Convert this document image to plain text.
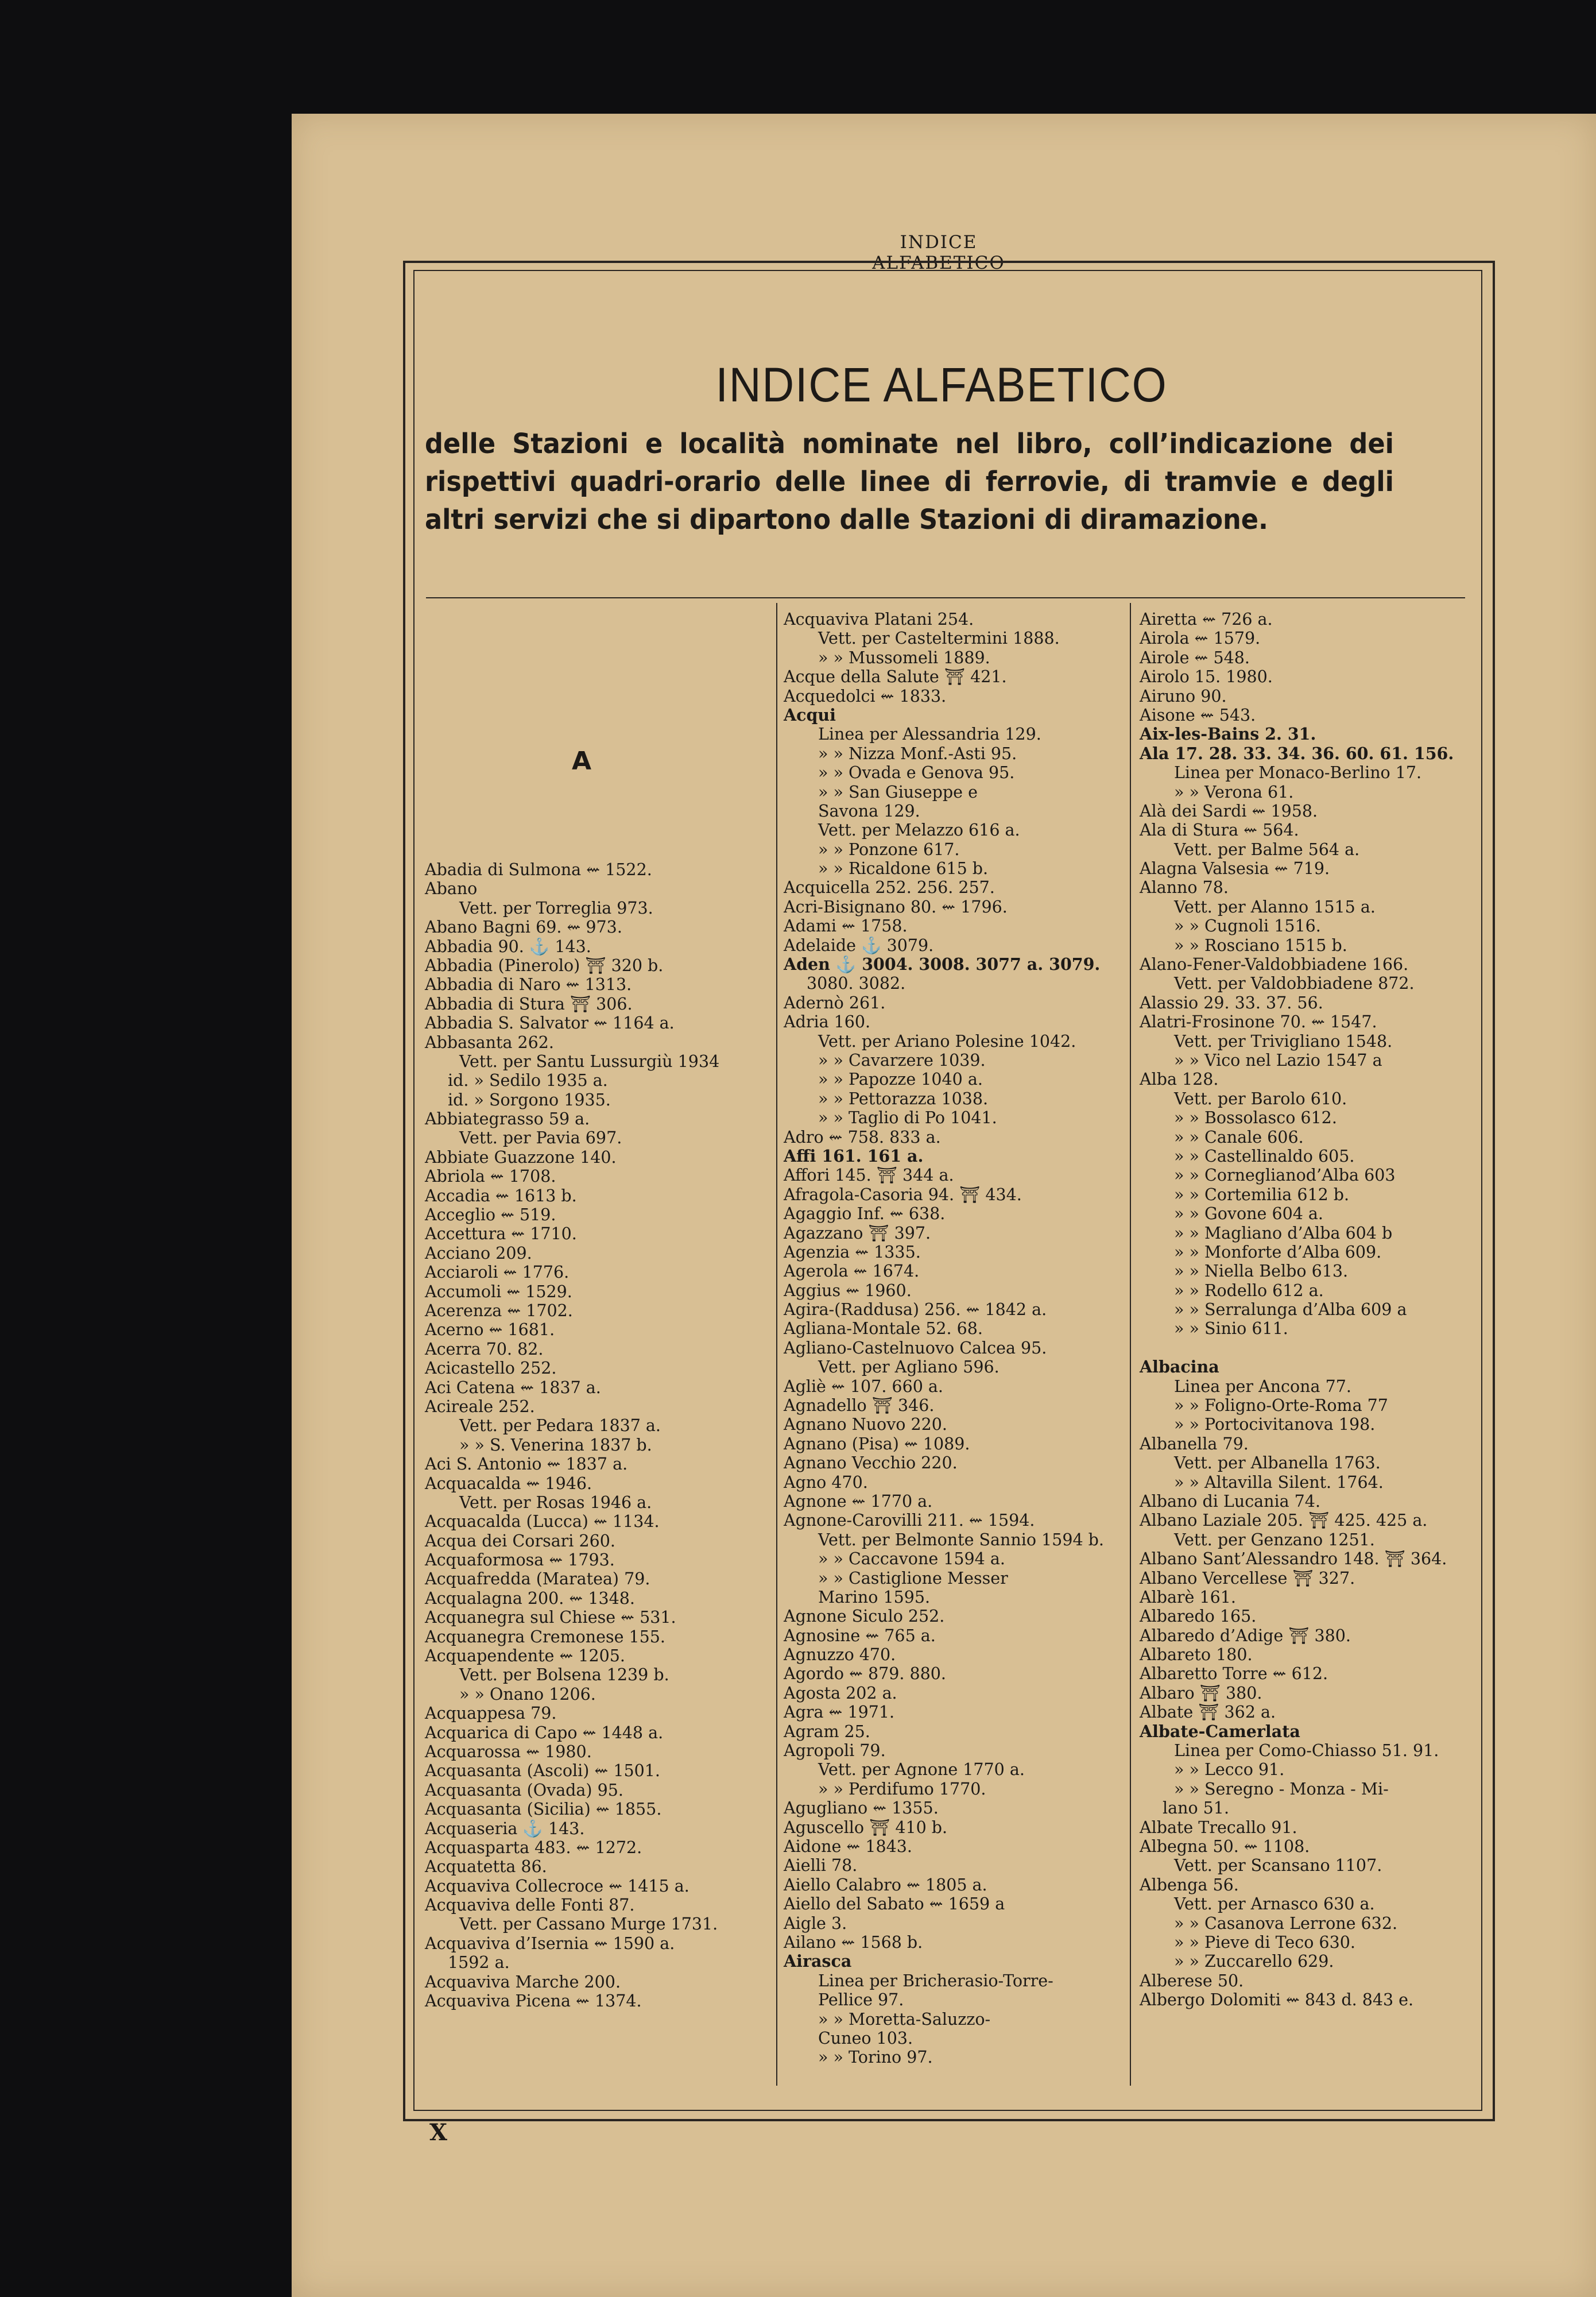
INDICE ALFABETICO
INDICE ALFABETICO
delle Stazioni e località nominate nel libro, coll’indicazione dei rispettivi quadri-orario delle linee di ferrovie, di tramvie e degli altri servizi che si dipartono dalle Stazioni di diramazione.
A
Abadia di Sulmona ⇜ 1522.
Abano
Vett. per Torreglia 973.
Abano Bagni 69. ⇜ 973.
Abbadia 90. ⚓ 143.
Abbadia (Pinerolo) ⛩ 320 b.
Abbadia di Naro ⇜ 1313.
Abbadia di Stura ⛩ 306.
Abbadia S. Salvator ⇜ 1164 a.
Abbasanta 262.
Vett. per Santu Lussurgiù 1934
id. » Sedilo 1935 a.
id. » Sorgono 1935.
Abbiategrasso 59 a.
Vett. per Pavia 697.
Abbiate Guazzone 140.
Abriola ⇜ 1708.
Accadia ⇜ 1613 b.
Acceglio ⇜ 519.
Accettura ⇜ 1710.
Acciano 209.
Acciaroli ⇜ 1776.
Accumoli ⇜ 1529.
Acerenza ⇜ 1702.
Acerno ⇜ 1681.
Acerra 70. 82.
Acicastello 252.
Aci Catena ⇜ 1837 a.
Acireale 252.
Vett. per Pedara 1837 a.
» » S. Venerina 1837 b.
Aci S. Antonio ⇜ 1837 a.
Acquacalda ⇜ 1946.
Vett. per Rosas 1946 a.
Acquacalda (Lucca) ⇜ 1134.
Acqua dei Corsari 260.
Acquaformosa ⇜ 1793.
Acquafredda (Maratea) 79.
Acqualagna 200. ⇜ 1348.
Acquanegra sul Chiese ⇜ 531.
Acquanegra Cremonese 155.
Acquapendente ⇜ 1205.
Vett. per Bolsena 1239 b.
» » Onano 1206.
Acquappesa 79.
Acquarica di Capo ⇜ 1448 a.
Acquarossa ⇜ 1980.
Acquasanta (Ascoli) ⇜ 1501.
Acquasanta (Ovada) 95.
Acquasanta (Sicilia) ⇜ 1855.
Acquaseria ⚓ 143.
Acquasparta 483. ⇜ 1272.
Acquatetta 86.
Acquaviva Collecroce ⇜ 1415 a.
Acquaviva delle Fonti 87.
Vett. per Cassano Murge 1731.
Acquaviva d’Isernia ⇜ 1590 a.
1592 a.
Acquaviva Marche 200.
Acquaviva Picena ⇜ 1374.
Acquaviva Platani 254.
Vett. per Casteltermini 1888.
» » Mussomeli 1889.
Acque della Salute ⛩ 421.
Acquedolci ⇜ 1833.
Acqui
Linea per Alessandria 129.
» » Nizza Monf.-Asti 95.
» » Ovada e Genova 95.
» » San Giuseppe e
Savona 129.
Vett. per Melazzo 616 a.
» » Ponzone 617.
» » Ricaldone 615 b.
Acquicella 252. 256. 257.
Acri-Bisignano 80. ⇜ 1796.
Adami ⇜ 1758.
Adelaide ⚓ 3079.
Aden ⚓ 3004. 3008. 3077 a. 3079.
3080. 3082.
Adernò 261.
Adria 160.
Vett. per Ariano Polesine 1042.
» » Cavarzere 1039.
» » Papozze 1040 a.
» » Pettorazza 1038.
» » Taglio di Po 1041.
Adro ⇜ 758. 833 a.
Affi 161. 161 a.
Affori 145. ⛩ 344 a.
Afragola-Casoria 94. ⛩ 434.
Agaggio Inf. ⇜ 638.
Agazzano ⛩ 397.
Agenzia ⇜ 1335.
Agerola ⇜ 1674.
Aggius ⇜ 1960.
Agira-(Raddusa) 256. ⇜ 1842 a.
Agliana-Montale 52. 68.
Agliano-Castelnuovo Calcea 95.
Vett. per Agliano 596.
Agliè ⇜ 107. 660 a.
Agnadello ⛩ 346.
Agnano Nuovo 220.
Agnano (Pisa) ⇜ 1089.
Agnano Vecchio 220.
Agno 470.
Agnone ⇜ 1770 a.
Agnone-Carovilli 211. ⇜ 1594.
Vett. per Belmonte Sannio 1594 b.
» » Caccavone 1594 a.
» » Castiglione Messer
Marino 1595.
Agnone Siculo 252.
Agnosine ⇜ 765 a.
Agnuzzo 470.
Agordo ⇜ 879. 880.
Agosta 202 a.
Agra ⇜ 1971.
Agram 25.
Agropoli 79.
Vett. per Agnone 1770 a.
» » Perdifumo 1770.
Agugliano ⇜ 1355.
Aguscello ⛩ 410 b.
Aidone ⇜ 1843.
Aielli 78.
Aiello Calabro ⇜ 1805 a.
Aiello del Sabato ⇜ 1659 a
Aigle 3.
Ailano ⇜ 1568 b.
Airasca
Linea per Bricherasio-Torre-
Pellice 97.
» » Moretta-Saluzzo-
Cuneo 103.
» » Torino 97.
Airetta ⇜ 726 a.
Airola ⇜ 1579.
Airole ⇜ 548.
Airolo 15. 1980.
Airuno 90.
Aisone ⇜ 543.
Aix-les-Bains 2. 31.
Ala 17. 28. 33. 34. 36. 60. 61. 156.
Linea per Monaco-Berlino 17.
» » Verona 61.
Alà dei Sardi ⇜ 1958.
Ala di Stura ⇜ 564.
Vett. per Balme 564 a.
Alagna Valsesia ⇜ 719.
Alanno 78.
Vett. per Alanno 1515 a.
» » Cugnoli 1516.
» » Rosciano 1515 b.
Alano-Fener-Valdobbiadene 166.
Vett. per Valdobbiadene 872.
Alassio 29. 33. 37. 56.
Alatri-Frosinone 70. ⇜ 1547.
Vett. per Trivigliano 1548.
» » Vico nel Lazio 1547 a
Alba 128.
Vett. per Barolo 610.
» » Bossolasco 612.
» » Canale 606.
» » Castellinaldo 605.
» » Corneglianod’Alba 603
» » Cortemilia 612 b.
» » Govone 604 a.
» » Magliano d’Alba 604 b
» » Monforte d’Alba 609.
» » Niella Belbo 613.
» » Rodello 612 a.
» » Serralunga d’Alba 609 a
» » Sinio 611.
Albacina
Linea per Ancona 77.
» » Foligno-Orte-Roma 77
» » Portocivitanova 198.
Albanella 79.
Vett. per Albanella 1763.
» » Altavilla Silent. 1764.
Albano di Lucania 74.
Albano Laziale 205. ⛩ 425. 425 a.
Vett. per Genzano 1251.
Albano Sant’Alessandro 148. ⛩ 364.
Albano Vercellese ⛩ 327.
Albarè 161.
Albaredo 165.
Albaredo d’Adige ⛩ 380.
Albareto 180.
Albaretto Torre ⇜ 612.
Albaro ⛩ 380.
Albate ⛩ 362 a.
Albate-Camerlata
Linea per Como-Chiasso 51. 91.
» » Lecco 91.
» » Seregno - Monza - Mi-
lano 51.
Albate Trecallo 91.
Albegna 50. ⇜ 1108.
Vett. per Scansano 1107.
Albenga 56.
Vett. per Arnasco 630 a.
» » Casanova Lerrone 632.
» » Pieve di Teco 630.
» » Zuccarello 629.
Alberese 50.
Albergo Dolomiti ⇜ 843 d. 843 e.
X
